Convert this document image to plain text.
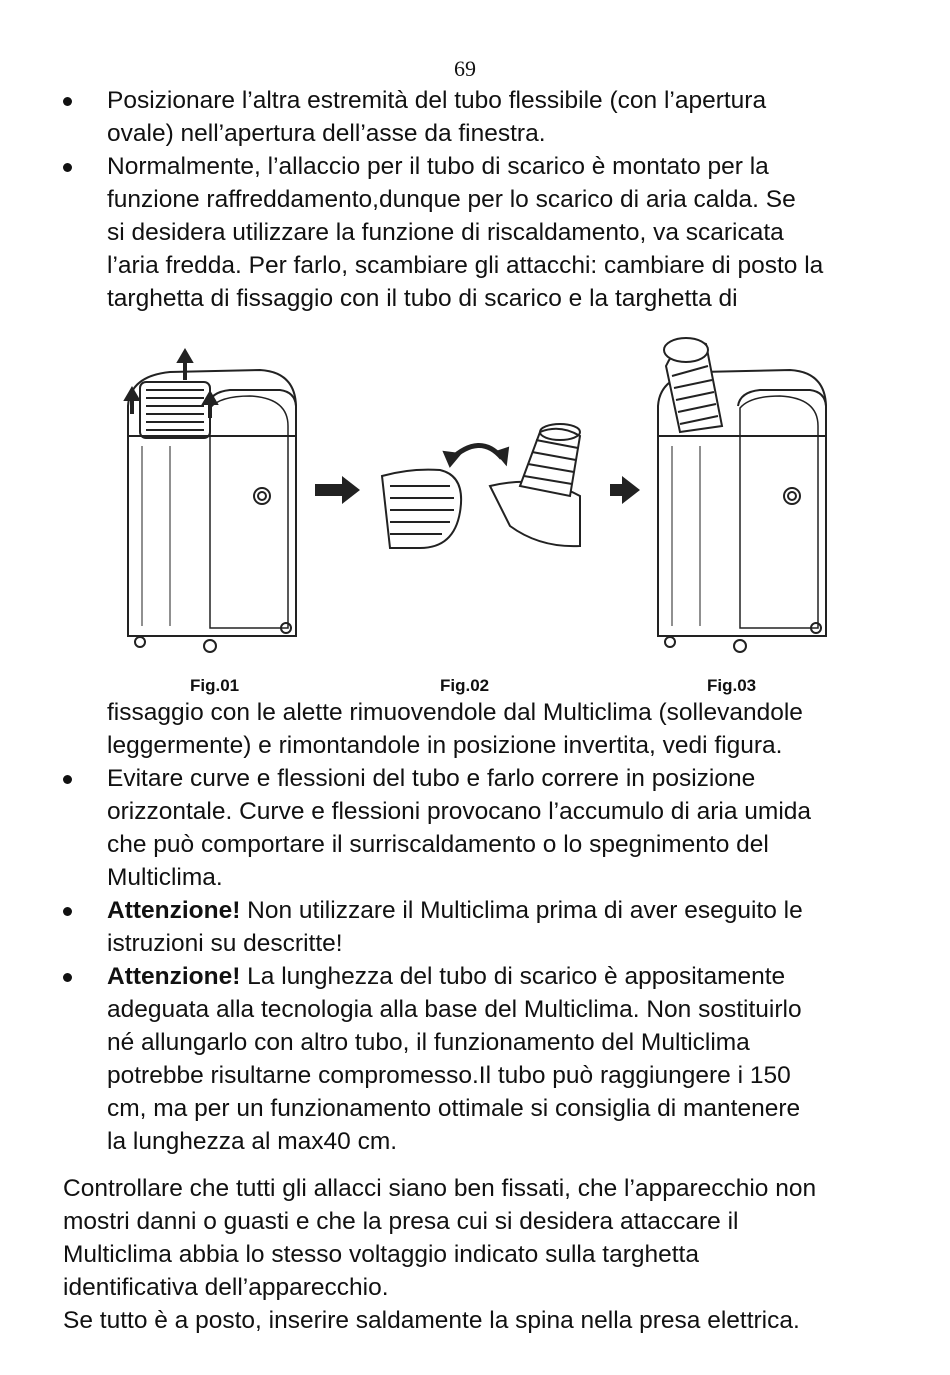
69
Posizionare l’altra estremità del tubo flessibile (con l’apertura
ovale) nell’apertura dell’asse da finestra.
Normalmente, l’allaccio per il tubo di scarico è montato per la
funzione raffreddamento,dunque per lo scarico di aria calda. Se
si desidera utilizzare la funzione di riscaldamento, va scaricata
l’aria fredda. Per farlo, scambiare gli attacchi: cambiare di posto la
targhetta di fissaggio con il tubo di scarico e la targhetta di
Fig.01	Fig.02	Fig.03
fissaggio con le alette rimuovendole dal Multiclima (sollevandole
leggermente) e rimontandole in posizione invertita, vedi figura.
Evitare curve e flessioni del tubo e farlo correre in posizione
orizzontale. Curve e flessioni provocano l’accumulo di aria umida
che può comportare il surriscaldamento o lo spegnimento del
Multiclima.
Attenzione! Non utilizzare il Multiclima prima di aver eseguito le
istruzioni su descritte!
Attenzione! La lunghezza del tubo di scarico è appositamente
adeguata alla tecnologia alla base del Multiclima. Non sostituirlo
né allungarlo con altro tubo, il funzionamento del Multiclima
potrebbe risultarne compromesso.Il tubo può raggiungere i 150
cm, ma per un funzionamento ottimale si consiglia di mantenere
la lunghezza al max40 cm.
Controllare che tutti gli allacci siano ben fissati, che l’apparecchio non
mostri danni o guasti e che la presa cui si desidera attaccare il
Multiclima abbia lo stesso voltaggio indicato sulla targhetta
identificativa dell’apparecchio.
Se tutto è a posto, inserire saldamente la spina nella presa elettrica.
